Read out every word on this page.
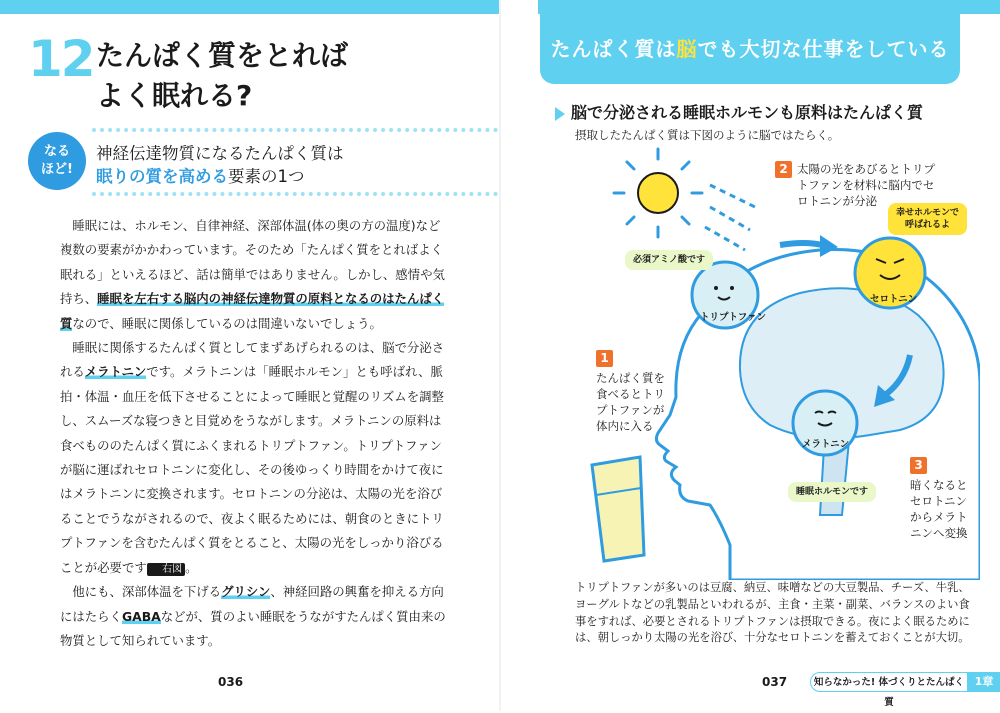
12 たんぱく質をとれば
よく眠れる?
なる
ほど!
神経伝達物質になるたんぱく質は
眠りの質を高める要素の1つ

睡眠には、ホルモン、自律神経、深部体温(体の奥の方の温度)など複数の要素がかかわっています。そのため「たんぱく質をとればよく眠れる」といえるほど、話は簡単ではありません。しかし、感情や気持ち、睡眠を左右する脳内の神経伝達物質の原料となるのはたんぱく質なので、睡眠に関係しているのは間違いないでしょう。

睡眠に関係するたんぱく質としてまずあげられるのは、脳で分泌されるメラトニンです。メラトニンは「睡眠ホルモン」とも呼ばれ、脈拍・体温・血圧を低下させることによって睡眠と覚醒のリズムを調整し、スムーズな寝つきと目覚めをうながします。メラトニンの原料は食べもののたんぱく質にふくまれるトリプトファン。トリプトファンが脳に運ばれセロトニンに変化し、その後ゆっくり時間をかけて夜にはメラトニンに変換されます。セロトニンの分泌は、太陽の光を浴びることでうながされるので、夜よく眠るためには、朝食のときにトリプトファンを含むたんぱく質をとること、太陽の光をしっかり浴びることが必要です 右図 。

他にも、深部体温を下げるグリシン、神経回路の興奮を抑える方向にはたらくGABAなどが、質のよい睡眠をうながすたんぱく質由来の物質として知られています。

036
たんぱく質は脳でも大切な仕事をしている
脳で分泌される睡眠ホルモンも原料はたんぱく質
摂取したたんぱく質は下図のように脳ではたらく。
1
たんぱく質を
食べるとトリ
プトファンが
体内に入る
2 太陽の光をあびるとトリプ
トファンを材料に脳内でセ
ロトニンが分泌
3
暗くなると
セロトニン
からメラト
ニンへ変換
必須アミノ酸です
幸せホルモンで
呼ばれるよ
睡眠ホルモンです
トリプトファン
セロトニン
メラトニン
トリプトファンが多いのは豆腐、納豆、味噌などの大豆製品、チーズ、牛乳、ヨーグルトなどの乳製品といわれるが、主食・主菜・副菜、バランスのよい食事をすれば、必要とされるトリプトファンは摂取できる。夜によく眠るためには、朝しっかり太陽の光を浴び、十分なセロトニンを蓄えておくことが大切。
037	知らなかった! 体づくりとたんぱく質
1章
